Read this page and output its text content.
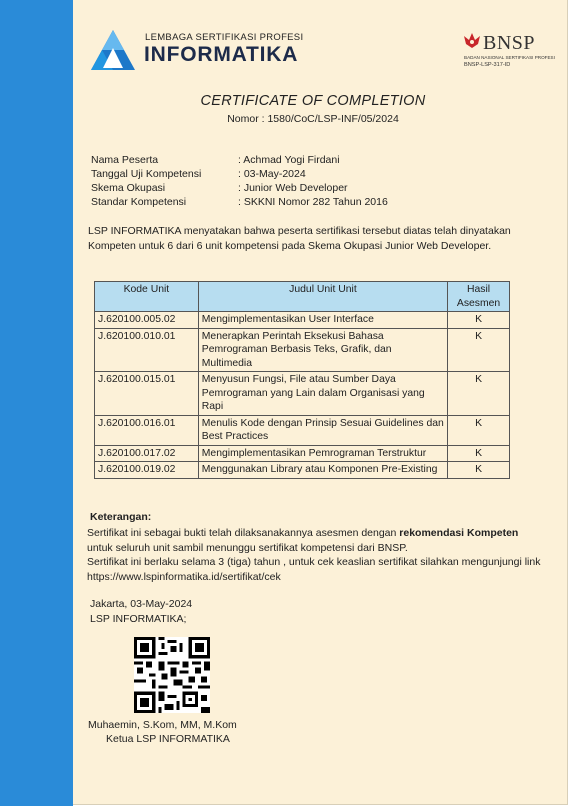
LEMBAGA SERTIFIKASI PROFESI
INFORMATIKA	BNSP
BADAN NASIONAL SERTIFIKASI PROFESI
BNSP-LSP-317-ID
CERTIFICATE OF COMPLETION
Nomor : 1580/CoC/LSP-INF/05/2024
Nama Peserta	: Achmad Yogi Firdani
Tanggal Uji Kompetensi	: 03-May-2024
Skema Okupasi	: Junior Web Developer
Standar Kompetensi	: SKKNI Nomor 282 Tahun 2016
LSP INFORMATIKA menyatakan bahwa peserta sertifikasi tersebut diatas telah dinyatakan Kompeten untuk 6 dari 6 unit kompetensi pada Skema Okupasi Junior Web Developer.
Kode Unit	Judul Unit Unit	Hasil Asesmen
J.620100.005.02	Mengimplementasikan User Interface	K
J.620100.010.01	Menerapkan Perintah Eksekusi Bahasa Pemrograman Berbasis Teks, Grafik, dan Multimedia	K
J.620100.015.01	Menyusun Fungsi, File atau Sumber Daya Pemrograman yang Lain dalam Organisasi yang Rapi	K
J.620100.016.01	Menulis Kode dengan Prinsip Sesuai Guidelines dan Best Practices	K
J.620100.017.02	Mengimplementasikan Pemrograman Terstruktur	K
J.620100.019.02	Menggunakan Library atau Komponen Pre-Existing	K
Keterangan:
Sertifikat ini sebagai bukti telah dilaksanakannya asesmen dengan rekomendasi Kompeten untuk seluruh unit sambil menunggu sertifikat kompetensi dari BNSP.
Sertifikat ini berlaku selama 3 (tiga) tahun , untuk cek keaslian sertifikat silahkan mengunjungi link https://www.lspinformatika.id/sertifikat/cek
Jakarta, 03-May-2024
LSP INFORMATIKA;
Muhaemin, S.Kom, MM, M.Kom
Ketua LSP INFORMATIKA
